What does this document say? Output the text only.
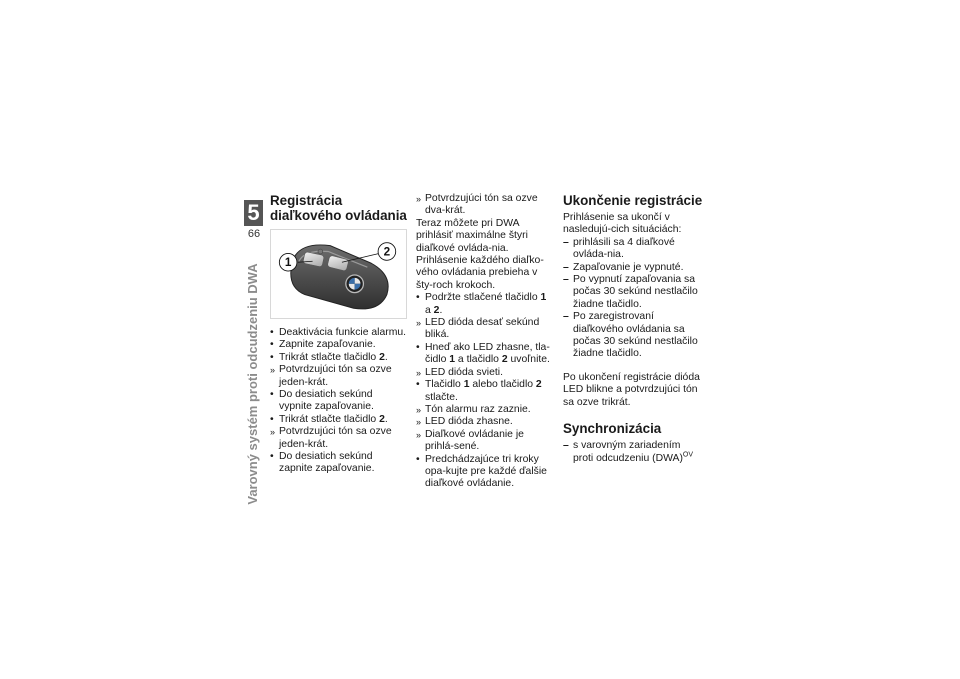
5
66
Varovný systém proti odcudzeniu DWA
Registrácia diaľkového ovládania
1
2
• Deaktivácia funkcie alarmu.
• Zapnite zapaľovanie.
• Trikrát stlačte tlačidlo 2.
» Potvrdzujúci tón sa ozve jeden-krát.
• Do desiatich sekúnd vypnite zapaľovanie.
• Trikrát stlačte tlačidlo 2.
» Potvrdzujúci tón sa ozve jeden-krát.
• Do desiatich sekúnd zapnite zapaľovanie.
» Potvrdzujúci tón sa ozve dva-krát.

Teraz môžete pri DWA prihlásiť maximálne štyri diaľkové ovláda-nia. Prihlásenie každého diaľko-vého ovládania prebieha v šty-roch krokoch.

• Podržte stlačené tlačidlo 1 a 2.
» LED dióda desať sekúnd bliká.
• Hneď ako LED zhasne, tla-čidlo 1 a tlačidlo 2 uvoľnite.
» LED dióda svieti.
• Tlačidlo 1 alebo tlačidlo 2 stlačte.
» Tón alarmu raz zaznie.
» LED dióda zhasne.
» Diaľkové ovládanie je prihlá-sené.
• Predchádzajúce tri kroky opa-kujte pre každé ďalšie diaľkové ovládanie.
Ukončenie registrácie

Prihlásenie sa ukončí v nasledujú-cich situáciách:

– prihlásili sa 4 diaľkové ovláda-nia.
– Zapaľovanie je vypnuté.
– Po vypnutí zapaľovania sa počas 30 sekúnd nestlačilo žiadne tlačidlo.
– Po zaregistrovaní diaľkového ovládania sa počas 30 sekúnd nestlačilo žiadne tlačidlo.

Po ukončení registrácie dióda LED blikne a potvrdzujúci tón sa ozve trikrát.

Synchronizácia
– s varovným zariadením proti odcudzeniu (DWA)$^{OV}$
